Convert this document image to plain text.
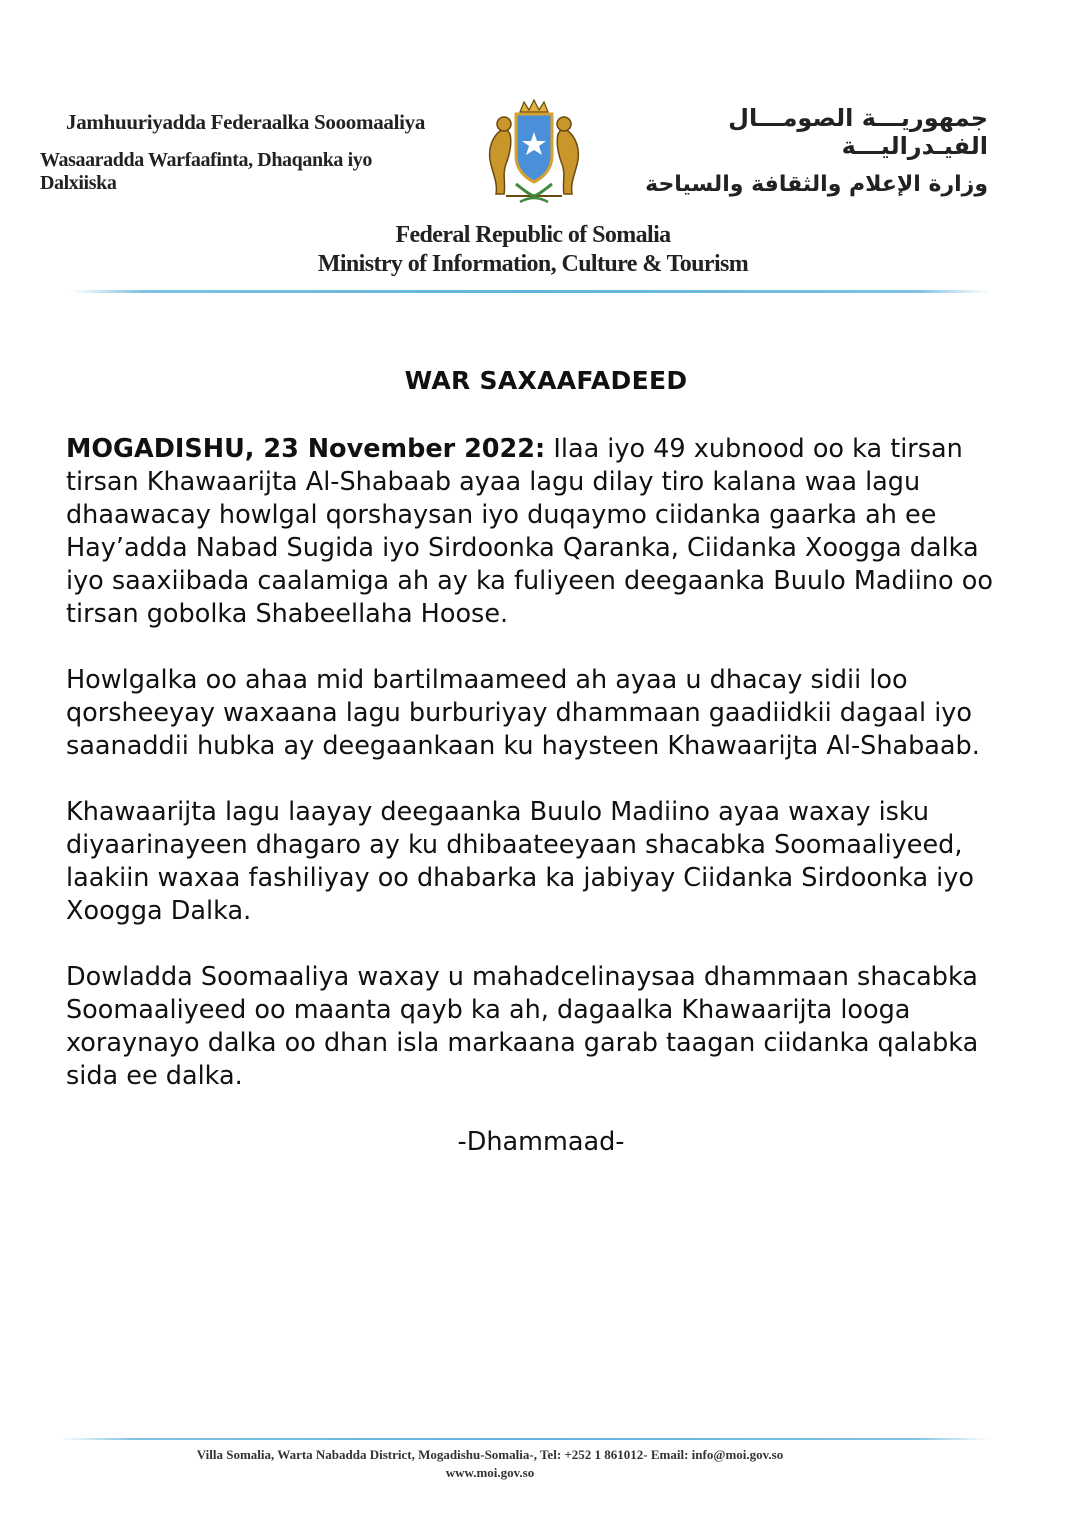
Jamhuuriyadda Federaalka Sooomaaliya
Wasaaradda Warfaafinta, Dhaqanka iyo Dalxiiska
جمهوريـــة الصومـــال الفيـدراليـــة
وزارة الإعلام والثقافة والسياحة
Federal Republic of Somalia
Ministry of Information, Culture & Tourism
WAR SAXAAFADEED

MOGADISHU, 23 November 2022: Ilaa iyo 49 xubnood oo ka tirsan tirsan Khawaarijta Al-Shabaab ayaa lagu dilay tiro kalana waa lagu dhaawacay howlgal qorshaysan iyo duqaymo ciidanka gaarka ah ee Hay’adda Nabad Sugida iyo Sirdoonka Qaranka, Ciidanka Xoogga dalka iyo saaxiibada caalamiga ah ay ka fuliyeen deegaanka Buulo Madiino oo tirsan gobolka Shabeellaha Hoose.

Howlgalka oo ahaa mid bartilmaameed ah ayaa u dhacay sidii loo qorsheeyay waxaana lagu burburiyay dhammaan gaadiidkii dagaal iyo saanaddii hubka ay deegaankaan ku haysteen Khawaarijta Al-Shabaab.

Khawaarijta lagu laayay deegaanka Buulo Madiino ayaa waxay isku diyaarinayeen dhagaro ay ku dhibaateeyaan shacabka Soomaaliyeed, laakiin waxaa fashiliyay oo dhabarka ka jabiyay Ciidanka Sirdoonka iyo Xoogga Dalka.

Dowladda Soomaaliya waxay u mahadcelinaysaa dhammaan shacabka Soomaaliyeed oo maanta qayb ka ah, dagaalka Khawaarijta looga xoraynayo dalka oo dhan isla markaana garab taagan ciidanka qalabka sida ee dalka.

-Dhammaad-

Villa Somalia, Warta Nabadda District, Mogadishu-Somalia-, Tel: +252 1 861012- Email: info@moi.gov.so
www.moi.gov.so
